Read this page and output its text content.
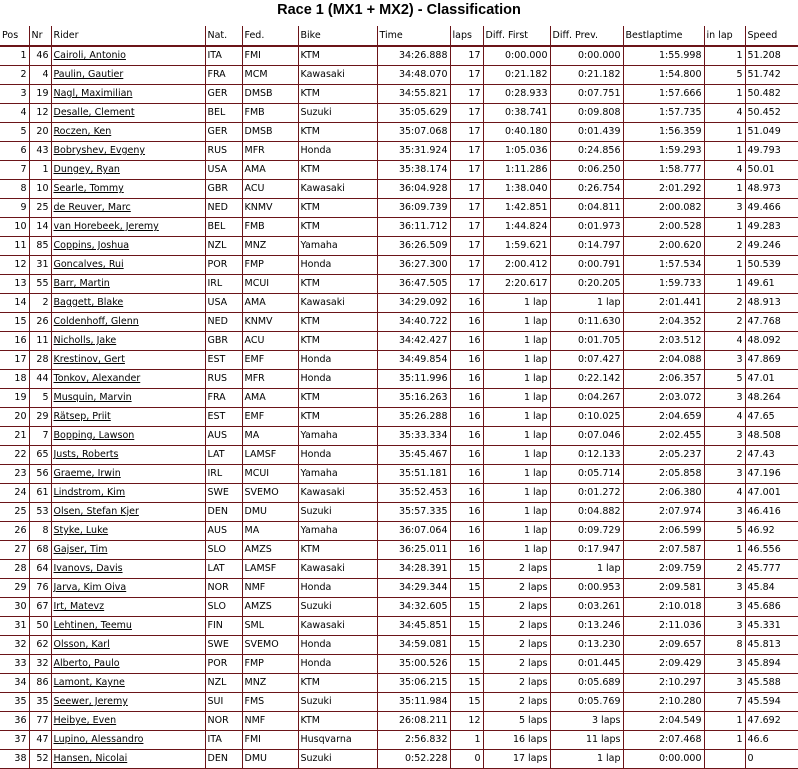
Race 1 (MX1 + MX2) - Classification
Pos	Nr	Rider	Nat.	Fed.	Bike	Time	laps	Diff. First	Diff. Prev.	Bestlaptime	in lap	Speed
1	46	Cairoli, Antonio	ITA	FMI	KTM	34:26.888	17	0:00.000	0:00.000	1:55.998	1	51.208
2	4	Paulin, Gautier	FRA	MCM	Kawasaki	34:48.070	17	0:21.182	0:21.182	1:54.800	5	51.742
3	19	Nagl, Maximilian	GER	DMSB	KTM	34:55.821	17	0:28.933	0:07.751	1:57.666	1	50.482
4	12	Desalle, Clement	BEL	FMB	Suzuki	35:05.629	17	0:38.741	0:09.808	1:57.735	4	50.452
5	20	Roczen, Ken	GER	DMSB	KTM	35:07.068	17	0:40.180	0:01.439	1:56.359	1	51.049
6	43	Bobryshev, Evgeny	RUS	MFR	Honda	35:31.924	17	1:05.036	0:24.856	1:59.293	1	49.793
7	1	Dungey, Ryan	USA	AMA	KTM	35:38.174	17	1:11.286	0:06.250	1:58.777	4	50.01
8	10	Searle, Tommy	GBR	ACU	Kawasaki	36:04.928	17	1:38.040	0:26.754	2:01.292	1	48.973
9	25	de Reuver, Marc	NED	KNMV	KTM	36:09.739	17	1:42.851	0:04.811	2:00.082	3	49.466
10	14	van Horebeek, Jeremy	BEL	FMB	KTM	36:11.712	17	1:44.824	0:01.973	2:00.528	1	49.283
11	85	Coppins, Joshua	NZL	MNZ	Yamaha	36:26.509	17	1:59.621	0:14.797	2:00.620	2	49.246
12	31	Goncalves, Rui	POR	FMP	Honda	36:27.300	17	2:00.412	0:00.791	1:57.534	1	50.539
13	55	Barr, Martin	IRL	MCUI	KTM	36:47.505	17	2:20.617	0:20.205	1:59.733	1	49.61
14	2	Baggett, Blake	USA	AMA	Kawasaki	34:29.092	16	1 lap	1 lap	2:01.441	2	48.913
15	26	Coldenhoff, Glenn	NED	KNMV	KTM	34:40.722	16	1 lap	0:11.630	2:04.352	2	47.768
16	11	Nicholls, Jake	GBR	ACU	KTM	34:42.427	16	1 lap	0:01.705	2:03.512	4	48.092
17	28	Krestinov, Gert	EST	EMF	Honda	34:49.854	16	1 lap	0:07.427	2:04.088	3	47.869
18	44	Tonkov, Alexander	RUS	MFR	Honda	35:11.996	16	1 lap	0:22.142	2:06.357	5	47.01
19	5	Musquin, Marvin	FRA	AMA	KTM	35:16.263	16	1 lap	0:04.267	2:03.072	3	48.264
20	29	Rätsep, Priit	EST	EMF	KTM	35:26.288	16	1 lap	0:10.025	2:04.659	4	47.65
21	7	Bopping, Lawson	AUS	MA	Yamaha	35:33.334	16	1 lap	0:07.046	2:02.455	3	48.508
22	65	Justs, Roberts	LAT	LAMSF	Honda	35:45.467	16	1 lap	0:12.133	2:05.237	2	47.43
23	56	Graeme, Irwin	IRL	MCUI	Yamaha	35:51.181	16	1 lap	0:05.714	2:05.858	3	47.196
24	61	Lindstrom, Kim	SWE	SVEMO	Kawasaki	35:52.453	16	1 lap	0:01.272	2:06.380	4	47.001
25	53	Olsen, Stefan Kjer	DEN	DMU	Suzuki	35:57.335	16	1 lap	0:04.882	2:07.974	3	46.416
26	8	Styke, Luke	AUS	MA	Yamaha	36:07.064	16	1 lap	0:09.729	2:06.599	5	46.92
27	68	Gajser, Tim	SLO	AMZS	KTM	36:25.011	16	1 lap	0:17.947	2:07.587	1	46.556
28	64	Ivanovs, Davis	LAT	LAMSF	Kawasaki	34:28.391	15	2 laps	1 lap	2:09.759	2	45.777
29	76	Jarva, Kim Oiva	NOR	NMF	Honda	34:29.344	15	2 laps	0:00.953	2:09.581	3	45.84
30	67	Irt, Matevz	SLO	AMZS	Suzuki	34:32.605	15	2 laps	0:03.261	2:10.018	3	45.686
31	50	Lehtinen, Teemu	FIN	SML	Kawasaki	34:45.851	15	2 laps	0:13.246	2:11.036	3	45.331
32	62	Olsson, Karl	SWE	SVEMO	Honda	34:59.081	15	2 laps	0:13.230	2:09.657	8	45.813
33	32	Alberto, Paulo	POR	FMP	Honda	35:00.526	15	2 laps	0:01.445	2:09.429	3	45.894
34	86	Lamont, Kayne	NZL	MNZ	KTM	35:06.215	15	2 laps	0:05.689	2:10.297	3	45.588
35	35	Seewer, Jeremy	SUI	FMS	Suzuki	35:11.984	15	2 laps	0:05.769	2:10.280	7	45.594
36	77	Heibye, Even	NOR	NMF	KTM	26:08.211	12	5 laps	3 laps	2:04.549	1	47.692
37	47	Lupino, Alessandro	ITA	FMI	Husqvarna	2:56.832	1	16 laps	11 laps	2:07.468	1	46.6
38	52	Hansen, Nicolai	DEN	DMU	Suzuki	0:52.228	0	17 laps	1 lap	0:00.000		0
